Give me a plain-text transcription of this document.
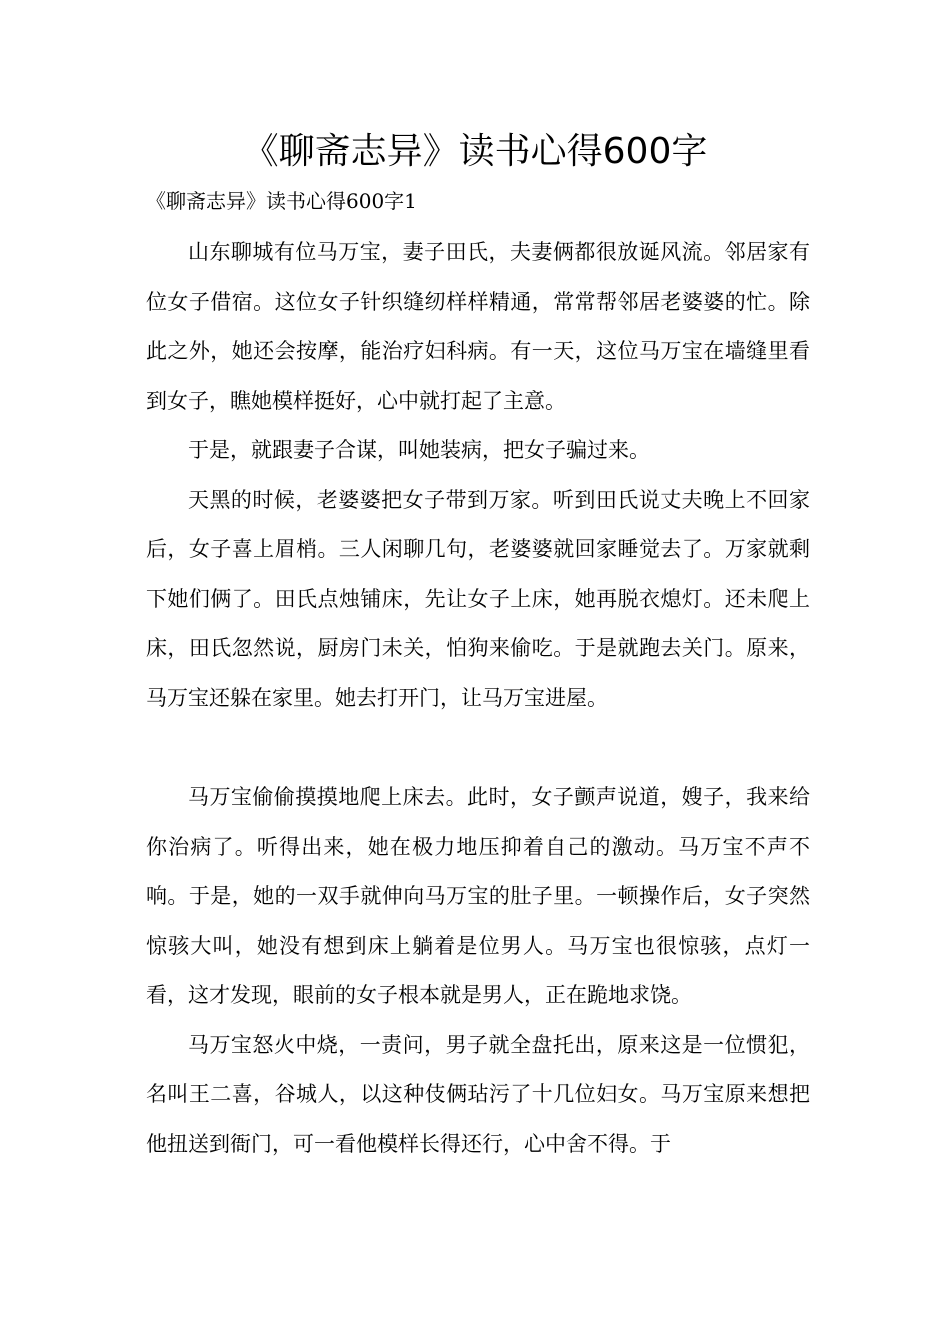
《聊斋志异》读书心得600字

《聊斋志异》读书心得600字1

山东聊城有位马万宝，妻子田氏，夫妻俩都很放诞风流。邻居家有位女子借宿。这位女子针织缝纫样样精通，常常帮邻居老婆婆的忙。除此之外，她还会按摩，能治疗妇科病。有一天，这位马万宝在墙缝里看到女子，瞧她模样挺好，心中就打起了主意。

于是，就跟妻子合谋，叫她装病，把女子骗过来。

天黑的时候，老婆婆把女子带到万家。听到田氏说丈夫晚上不回家后，女子喜上眉梢。三人闲聊几句，老婆婆就回家睡觉去了。万家就剩下她们俩了。田氏点烛铺床，先让女子上床，她再脱衣熄灯。还未爬上床，田氏忽然说，厨房门未关，怕狗来偷吃。于是就跑去关门。原来，马万宝还躲在家里。她去打开门，让马万宝进屋。

马万宝偷偷摸摸地爬上床去。此时，女子颤声说道，嫂子，我来给你治病了。听得出来，她在极力地压抑着自己的激动。马万宝不声不响。于是，她的一双手就伸向马万宝的肚子里。一顿操作后，女子突然惊骇大叫，她没有想到床上躺着是位男人。马万宝也很惊骇，点灯一看，这才发现，眼前的女子根本就是男人，正在跪地求饶。

马万宝怒火中烧，一责问，男子就全盘托出，原来这是一位惯犯，名叫王二喜，谷城人，以这种伎俩玷污了十几位妇女。马万宝原来想把他扭送到衙门，可一看他模样长得还行，心中舍不得。于
